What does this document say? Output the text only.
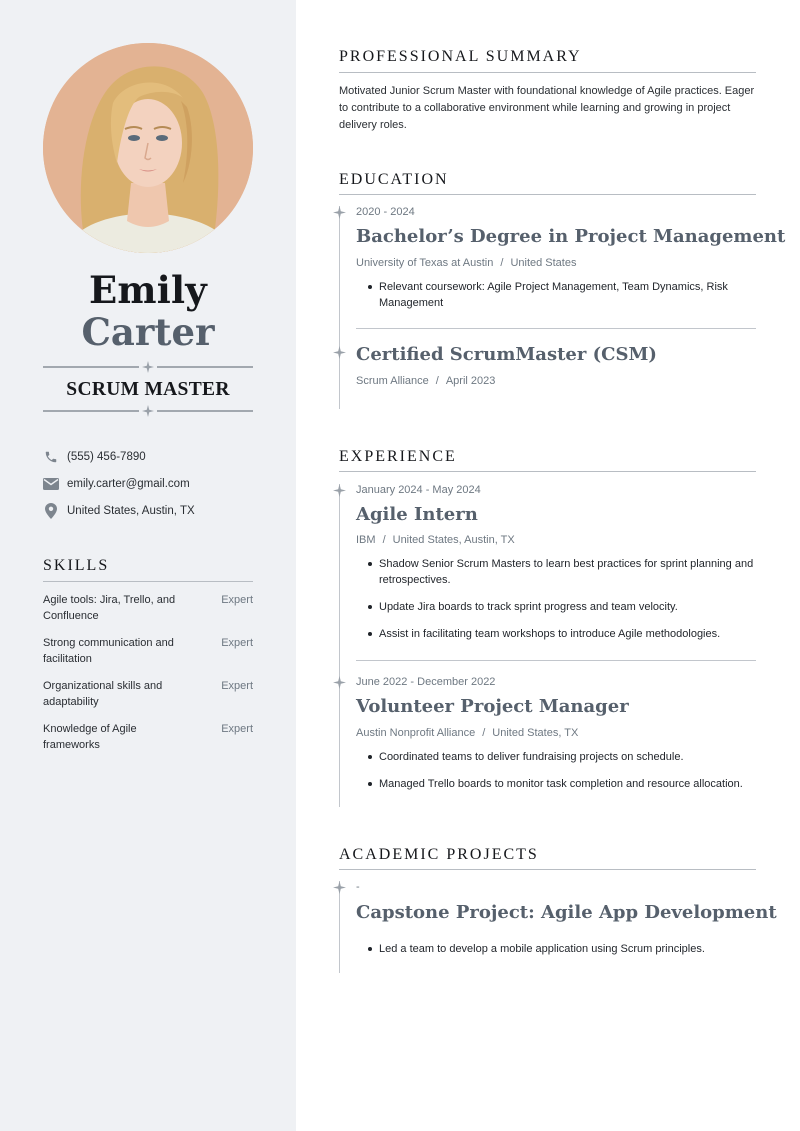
Emily
Carter
SCRUM MASTER
(555) 456-7890
emily.carter@gmail.com
United States, Austin, TX
SKILLS
Agile tools: Jira, Trello, and Confluence
Expert
Strong communication and facilitation
Expert
Organizational skills and adaptability
Expert
Knowledge of Agile frameworks
Expert
PROFESSIONAL SUMMARY
Motivated Junior Scrum Master with foundational knowledge of Agile practices. Eager to contribute to a collaborative environment while learning and growing in project delivery roles.
EDUCATION
2020 - 2024
Bachelor’s Degree in Project Management
University of Texas at Austin / United States
Relevant coursework: Agile Project Management, Team Dynamics, Risk Management
Certified ScrumMaster (CSM)
Scrum Alliance / April 2023
EXPERIENCE
January 2024 - May 2024
Agile Intern
IBM / United States, Austin, TX
Shadow Senior Scrum Masters to learn best practices for sprint planning and retrospectives.
Update Jira boards to track sprint progress and team velocity.
Assist in facilitating team workshops to introduce Agile methodologies.
June 2022 - December 2022
Volunteer Project Manager
Austin Nonprofit Alliance / United States, TX
Coordinated teams to deliver fundraising projects on schedule.
Managed Trello boards to monitor task completion and resource allocation.
ACADEMIC PROJECTS
-
Capstone Project: Agile App Development
Led a team to develop a mobile application using Scrum principles.
